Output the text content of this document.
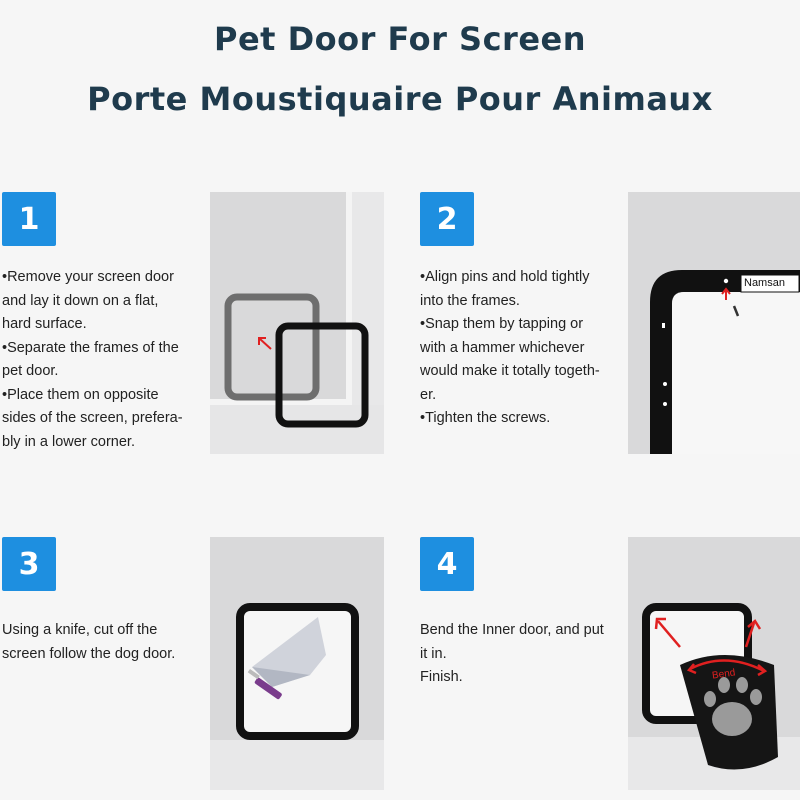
Pet Door For Screen
Porte Moustiquaire Pour Animaux
1
•Remove your screen door
and lay it down on a flat,
hard surface.
•Separate the frames of the
pet door.
•Place them on opposite
sides of the screen, prefera-
bly in a lower corner.
2
•Align pins and hold tightly
into the frames.
•Snap them by tapping or
with a hammer whichever
would make it totally togeth-
er.
•Tighten the screws.
Namsan
3
Using a knife, cut off the
screen follow the dog door.
4
Bend the Inner door, and put
it in.
Finish.	Bend
